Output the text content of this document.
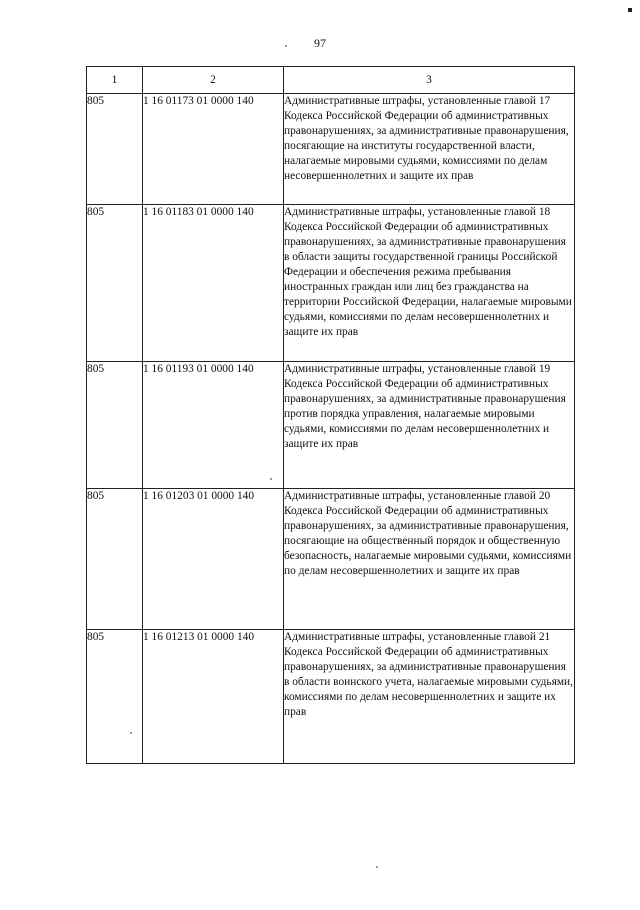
97
1	2	3
805	1 16 01173 01 0000 140	Административные штрафы, установленные главой 17 Кодекса Российской Федерации об административных правонарушениях, за административные правонарушения, посягающие на институты государственной власти, налагаемые мировыми судьями, комиссиями по делам несовершеннолетних и защите их прав
805	1 16 01183 01 0000 140	Административные штрафы, установленные главой 18 Кодекса Российской Федерации об административных правонарушениях, за административные правонарушения в области защиты государственной границы Российской Федерации и обеспечения режима пребывания иностранных граждан или лиц без гражданства на территории Российской Федерации, налагаемые мировыми судьями, комиссиями по делам несовершеннолетних и защите их прав
805	1 16 01193 01 0000 140	Административные штрафы, установленные главой 19 Кодекса Российской Федерации об административных правонарушениях, за административные правонарушения против порядка управления, налагаемые мировыми судьями, комиссиями по делам несовершеннолетних и защите их прав
805	1 16 01203 01 0000 140	Административные штрафы, установленные главой 20 Кодекса Российской Федерации об административных правонарушениях, за административные правонарушения, посягающие на общественный порядок и общественную безопасность, налагаемые мировыми судьями, комиссиями по делам несовершеннолетних и защите их прав
805	1 16 01213 01 0000 140	Административные штрафы, установленные главой 21 Кодекса Российской Федерации об административных правонарушениях, за административные правонарушения в области воинского учета, налагаемые мировыми судьями, комиссиями по делам несовершеннолетних и защите их прав
